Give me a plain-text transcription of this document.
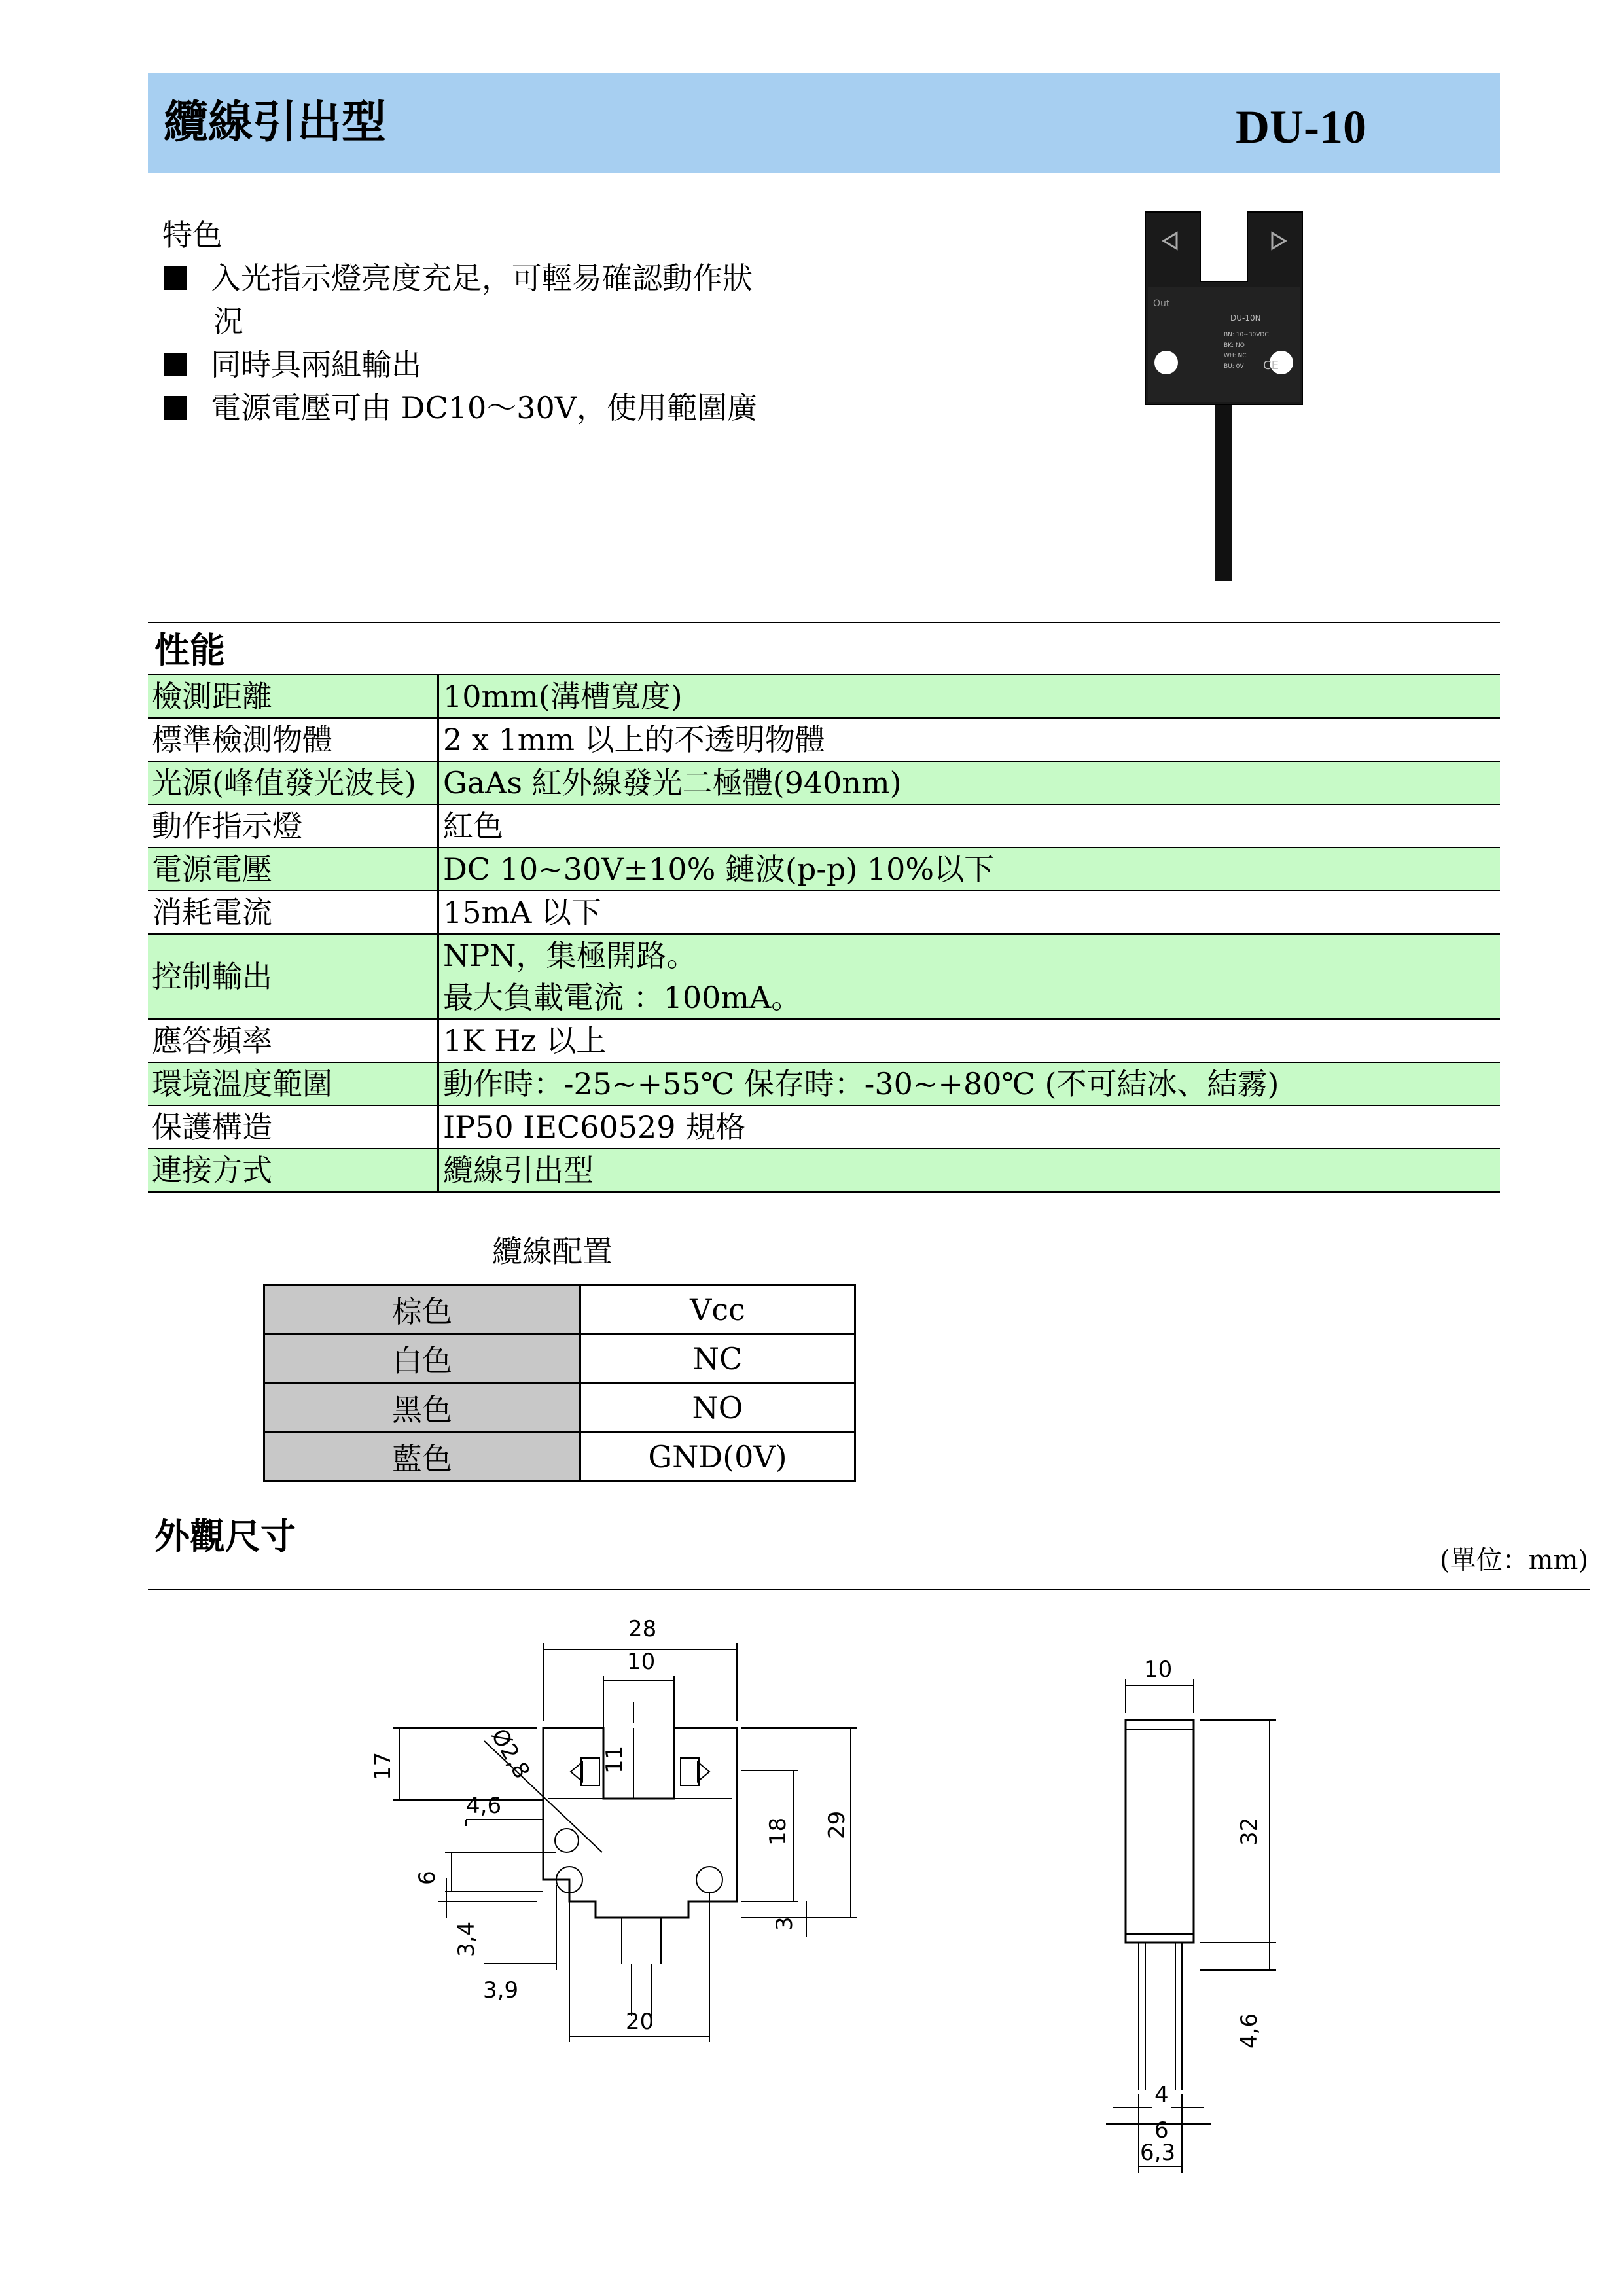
纜線引出型	DU-10
特色
入光指示燈亮度充足，可輕易確認動作狀
況
同時具兩組輸出
電源電壓可由 DC10～30V，使用範圍廣
Out
DU-10N
BN: 10~30VDC
BK: NO
WH: NC
BU: 0V CE
性能
檢測距離	10mm(溝槽寬度)
標準檢測物體	2 x 1mm 以上的不透明物體
光源(峰值發光波長)	GaAs 紅外線發光二極體(940nm)
動作指示燈	紅色
電源電壓	DC 10~30V±10% 鏈波(p-p) 10%以下
消耗電流	15mA 以下
控制輸出	NPN，集極開路。
最大負載電流 ：100mA。

應答頻率	1K Hz 以上
環境溫度範圍	動作時：-25~+55℃ 保存時：-30~+80℃ (不可結冰、結霧)
保護構造	IP50 IEC60529 規格
連接方式	纜線引出型
纜線配置
棕色	Vcc
白色	NC
黑色	NO
藍色	GND(0V)
外觀尺寸
(單位：mm)
28
10
11
17	Ø2,8
4,6
18 29
6
3,4	3
3,9
20
10
32
4,6
4
6
6,3
